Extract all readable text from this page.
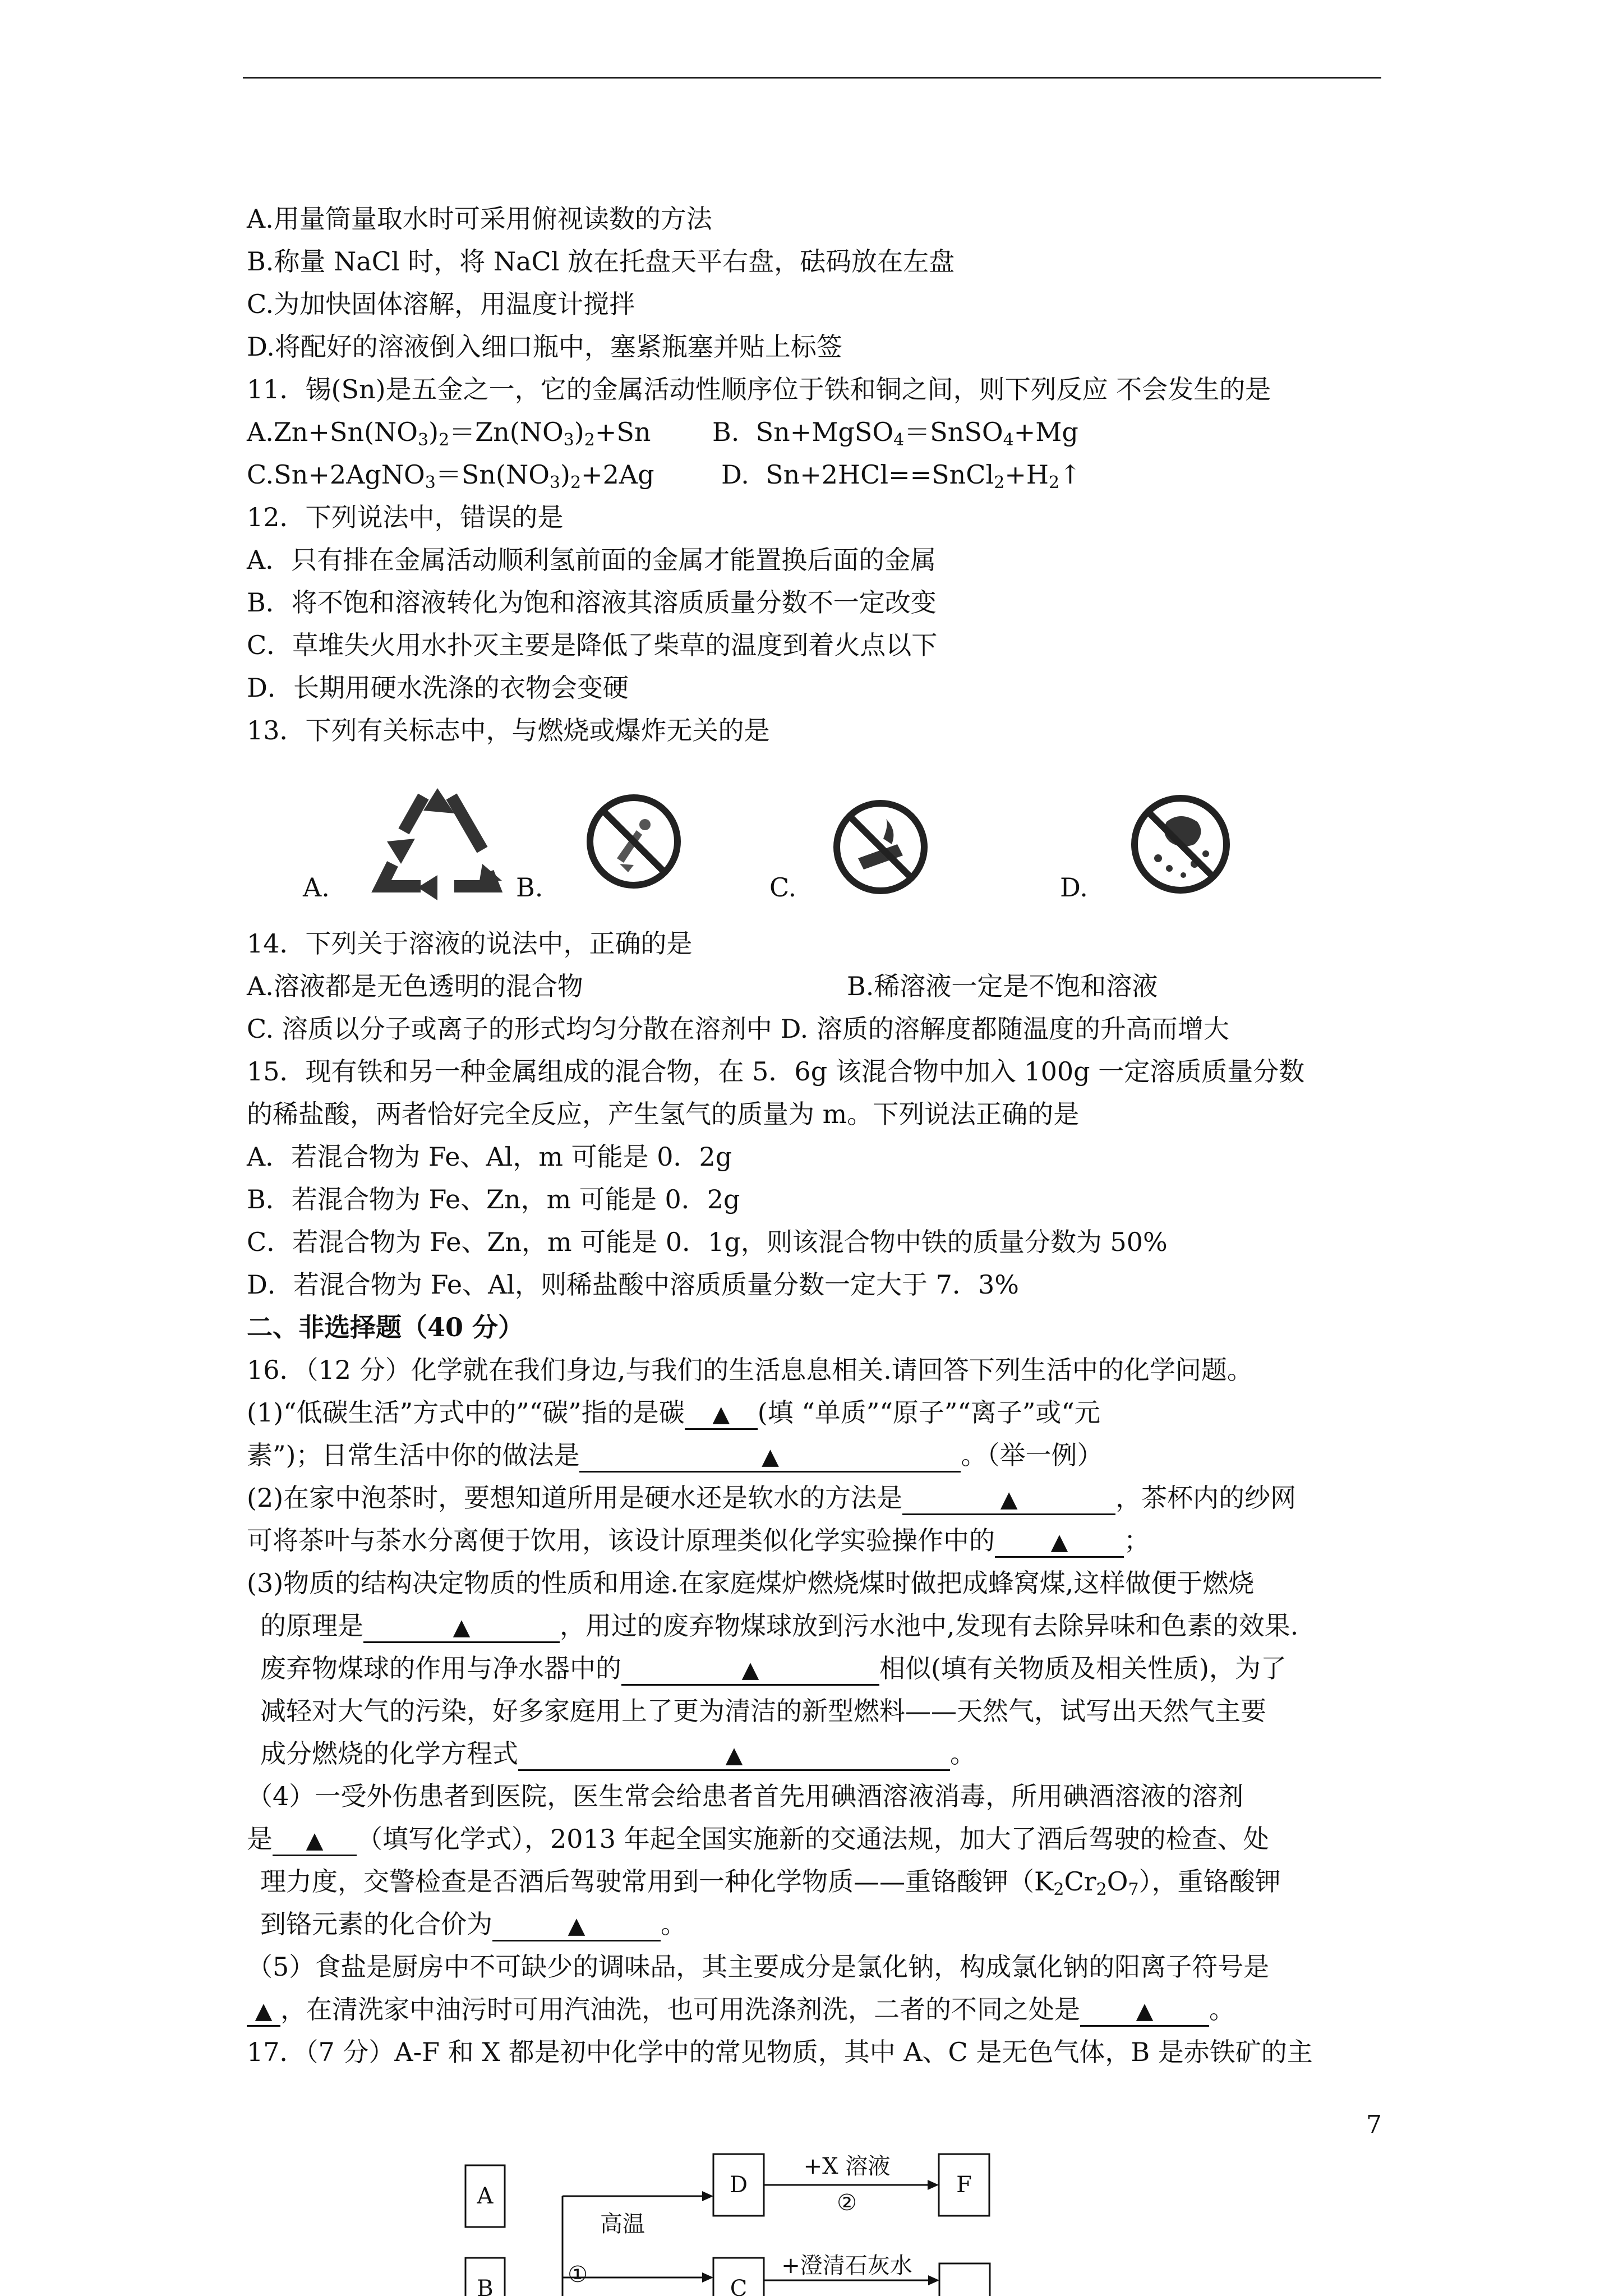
A.用量筒量取水时可采用俯视读数的方法
B.称量 NaCl 时，将 NaCl 放在托盘天平右盘，砝码放在左盘
C.为加快固体溶解，用温度计搅拌
D.将配好的溶液倒入细口瓶中，塞紧瓶塞并贴上标签
11．锡(Sn)是五金之一，它的金属活动性顺序位于铁和铜之间，则下列反应 不会发生的是
$A.Zn+Sn(NO_3)_2=Zn(NO_3)_2+Sn$ B.  Sn+MgSO$_4$＝SnSO$_4$+Mg
$C.Sn+2AgNO_3=Sn(NO_3)_2+2Ag$	D.  $Sn+2HCl==SnCl_2+H_2↑$
12．下列说法中，错误的是
A．只有排在金属活动顺利氢前面的金属才能置换后面的金属
B．将不饱和溶液转化为饱和溶液其溶质质量分数不一定改变
C．草堆失火用水扑灭主要是降低了柴草的温度到着火点以下
D．长期用硬水洗涤的衣物会变硬
13．下列有关标志中，与燃烧或爆炸无关的是
A.	B.	C.	D.
14．下列关于溶液的说法中，正确的是
A.溶液都是无色透明的混合物	B.稀溶液一定是不饱和溶液
C. 溶质以分子或离子的形式均匀分散在溶剂中 D. 溶质的溶解度都随温度的升高而增大
15．现有铁和另一种金属组成的混合物，在 5．6g 该混合物中加入 100g 一定溶质质量分数
的稀盐酸，两者恰好完全反应，产生氢气的质量为 m。下列说法正确的是
A．若混合物为 Fe、Al，m 可能是 0．2g
B．若混合物为 Fe、Zn，m 可能是 0．2g
C．若混合物为 Fe、Zn，m 可能是 0．1g，则该混合物中铁的质量分数为 50%
D．若混合物为 Fe、Al，则稀盐酸中溶质质量分数一定大于 7．3%
二、非选择题（40 分）
16．（12 分）化学就在我们身边,与我们的生活息息相关.请回答下列生活中的化学问题。
(1)“低碳生活”方式中的”“碳”指的是碳 ▲ (填 “单质”“原子”“离子”或“元
素”)；日常生活中你的做法是	▲	。（举一例）
(2)在家中泡茶时，要想知道所用是硬水还是软水的方法是	▲	，茶杯内的纱网
可将茶叶与茶水分离便于饮用，该设计原理类似化学实验操作中的 ▲ ；
(3)物质的结构决定物质的性质和用途.在家庭煤炉燃烧煤时做把成蜂窝煤,这样做便于燃烧
的原理是	▲	，用过的废弃物煤球放到污水池中,发现有去除异味和色素的效果.
废弃物煤球的作用与净水器中的	▲	相似(填有关物质及相关性质)，为了
减轻对大气的污染，好多家庭用上了更为清洁的新型燃料——天然气，试写出天然气主要
成分燃烧的化学方程式	▲	。
（4）一受外伤患者到医院，医生常会给患者首先用碘酒溶液消毒，所用碘酒溶液的溶剂
是 ▲ （填写化学式），2013 年起全国实施新的交通法规，加大了酒后驾驶的检查、处
理力度，交警检查是否酒后驾驶常用到一种化学物质——重铬酸钾$(K_2Cr_2O_7)$，重铬酸钾
到铬元素的化合价为	▲	。
（5）食盐是厨房中不可缺少的调味品，其主要成分是氯化钠，构成氯化钠的阳离子符号是
▲ ，在清洗家中油污时可用汽油洗，也可用洗涤剂洗，二者的不同之处是 ▲ 。
17．（7 分）A-F 和 X 都是初中化学中的常见物质，其中 A、C 是无色气体，B 是赤铁矿的主
7
A
B
D
C
F
高温
①
+X 溶液
②
+澄清石灰水
